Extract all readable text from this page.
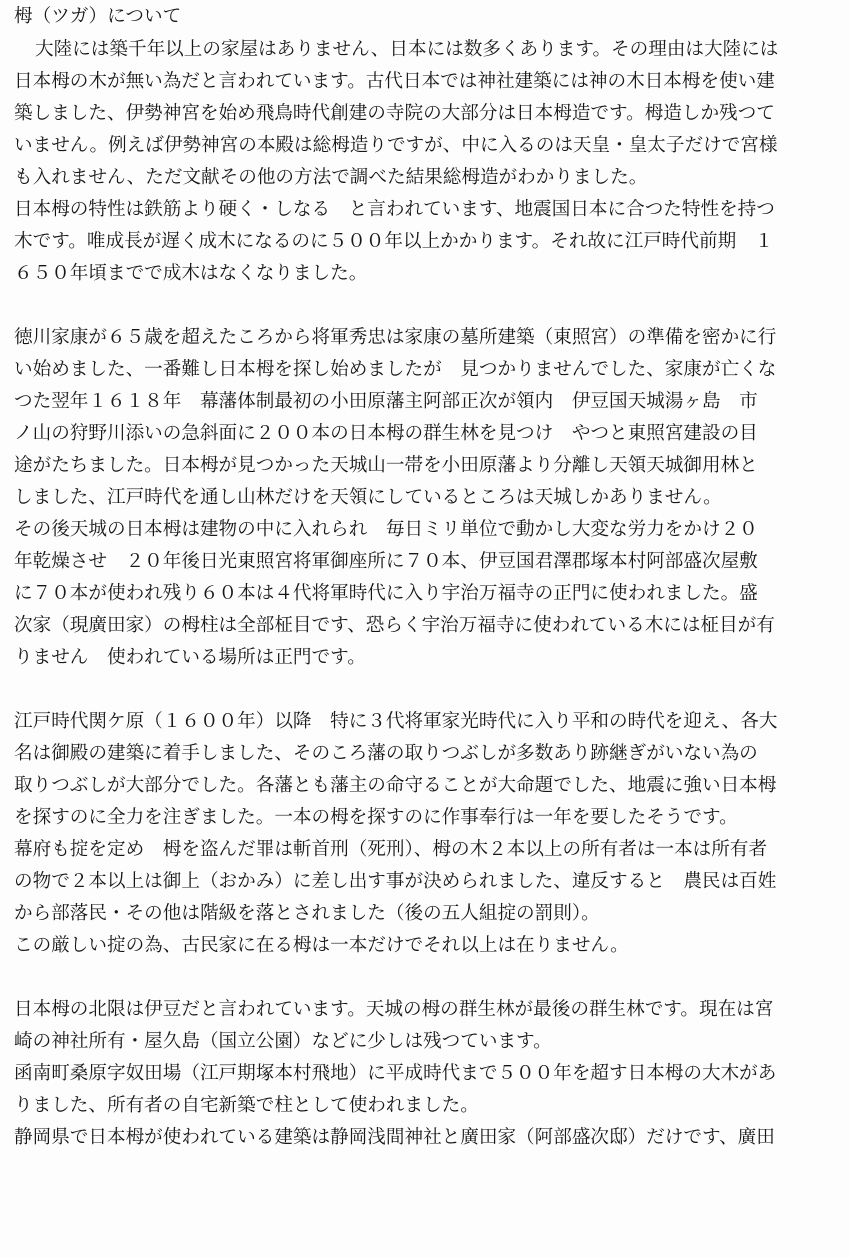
栂（ツガ）について
大陸には築千年以上の家屋はありません、日本には数多くあります。その理由は大陸には
日本栂の木が無い為だと言われています。古代日本では神社建築には神の木日本栂を使い建
築しました、伊勢神宮を始め飛鳥時代創建の寺院の大部分は日本栂造です。栂造しか残つて
いません。例えば伊勢神宮の本殿は総栂造りですが、中に入るのは天皇・皇太子だけで宮様
も入れません、ただ文献その他の方法で調べた結果総栂造がわかりました。
日本栂の特性は鉄筋より硬く・しなる　と言われています、地震国日本に合つた特性を持つ
木です。唯成長が遅く成木になるのに５００年以上かかります。それ故に江戸時代前期　１
６５０年頃までで成木はなくなりました。
徳川家康が６５歳を超えたころから将軍秀忠は家康の墓所建築（東照宮）の準備を密かに行
い始めました、一番難し日本栂を探し始めましたが　見つかりませんでした、家康が亡くな
つた翌年１６１８年　幕藩体制最初の小田原藩主阿部正次が領内　伊豆国天城湯ヶ島　市
ノ山の狩野川添いの急斜面に２００本の日本栂の群生林を見つけ　やつと東照宮建設の目
途がたちました。日本栂が見つかった天城山一帯を小田原藩より分離し天領天城御用林と
しました、江戸時代を通し山林だけを天領にしているところは天城しかありません。
その後天城の日本栂は建物の中に入れられ　毎日ミリ単位で動かし大変な労力をかけ２０
年乾燥させ　２０年後日光東照宮将軍御座所に７０本、伊豆国君澤郡塚本村阿部盛次屋敷
に７０本が使われ残り６０本は４代将軍時代に入り宇治万福寺の正門に使われました。盛
次家（現廣田家）の栂柱は全部柾目です、恐らく宇治万福寺に使われている木には柾目が有
りません　使われている場所は正門です。
江戸時代関ケ原（１６００年）以降　特に３代将軍家光時代に入り平和の時代を迎え、各大
名は御殿の建築に着手しました、そのころ藩の取りつぶしが多数あり跡継ぎがいない為の
取りつぶしが大部分でした。各藩とも藩主の命守ることが大命題でした、地震に強い日本栂
を探すのに全力を注ぎました。一本の栂を探すのに作事奉行は一年を要したそうです。
幕府も掟を定め　栂を盗んだ罪は斬首刑（死刑）、栂の木２本以上の所有者は一本は所有者
の物で２本以上は御上（おかみ）に差し出す事が決められました、違反すると　農民は百姓
から部落民・その他は階級を落とされました（後の五人組掟の罰則）。
この厳しい掟の為、古民家に在る栂は一本だけでそれ以上は在りません。
日本栂の北限は伊豆だと言われています。天城の栂の群生林が最後の群生林です。現在は宮
崎の神社所有・屋久島（国立公園）などに少しは残つています。
函南町桑原字奴田場（江戸期塚本村飛地）に平成時代まで５００年を超す日本栂の大木があ
りました、所有者の自宅新築で柱として使われました。
静岡県で日本栂が使われている建築は静岡浅間神社と廣田家（阿部盛次邸）だけです、廣田
